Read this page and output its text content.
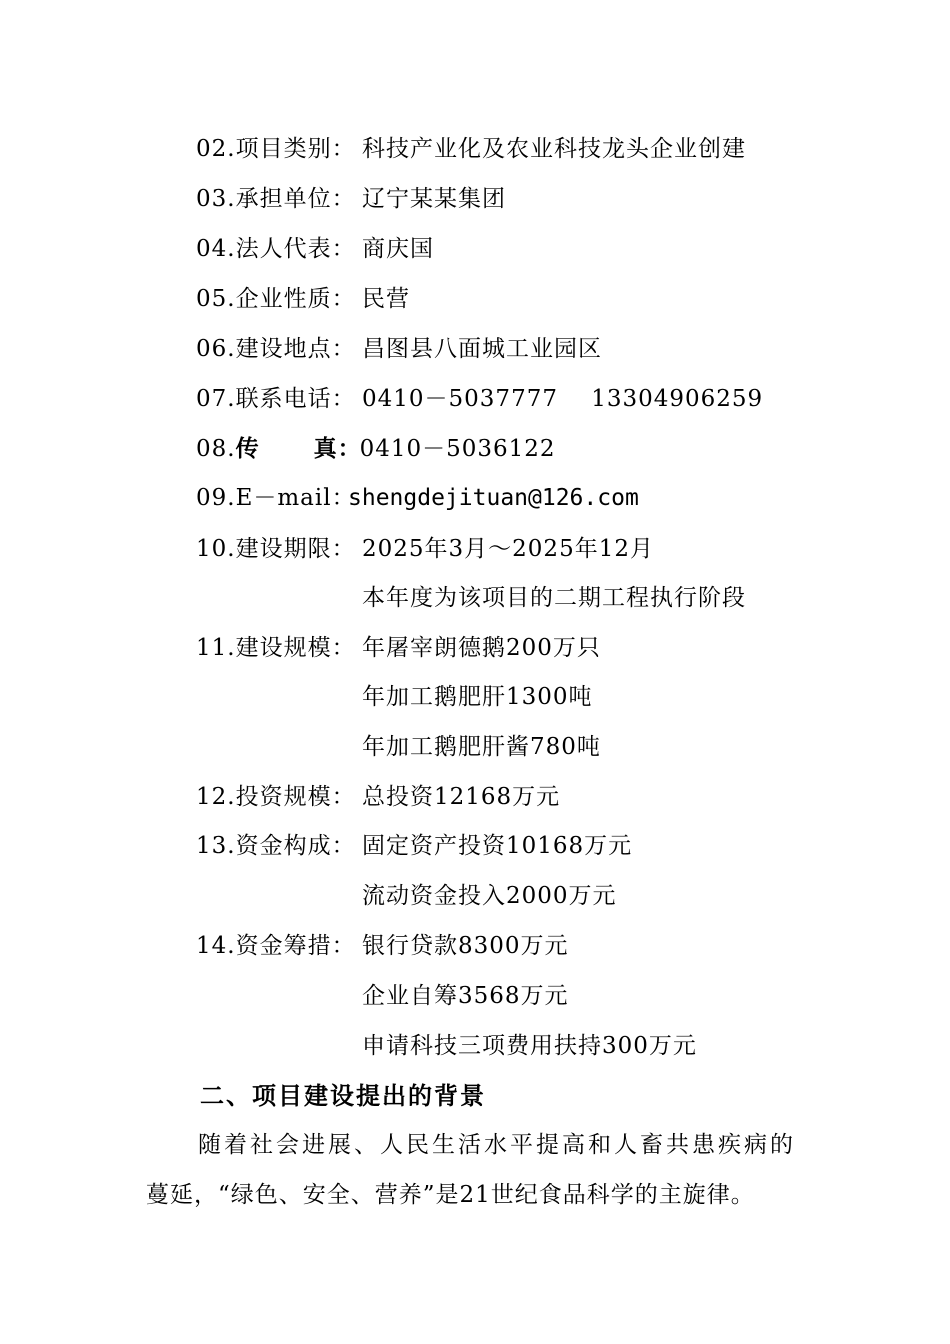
02.项目类别： 科技产业化及农业科技龙头企业创建
03.承担单位： 辽宁某某集团
04.法人代表： 商庆国
05.企业性质： 民营
06.建设地点： 昌图县八面城工业园区
07.联系电话： 0410－5037777    13304906259
08.传      真：0410－5036122
09.E－mail：shengdejituan@126.com
10.建设期限： 2025年3月～2025年12月
本年度为该项目的二期工程执行阶段
11.建设规模： 年屠宰朗德鹅200万只
年加工鹅肥肝1300吨
年加工鹅肥肝酱780吨
12.投资规模： 总投资12168万元
13.资金构成： 固定资产投资10168万元
流动资金投入2000万元
14.资金筹措： 银行贷款8300万元
企业自筹3568万元
申请科技三项费用扶持300万元
二、项目建设提出的背景
随着社会进展、人民生活水平提高和人畜共患疾病的
蔓延，“绿色、安全、营养”是21世纪食品科学的主旋律。
